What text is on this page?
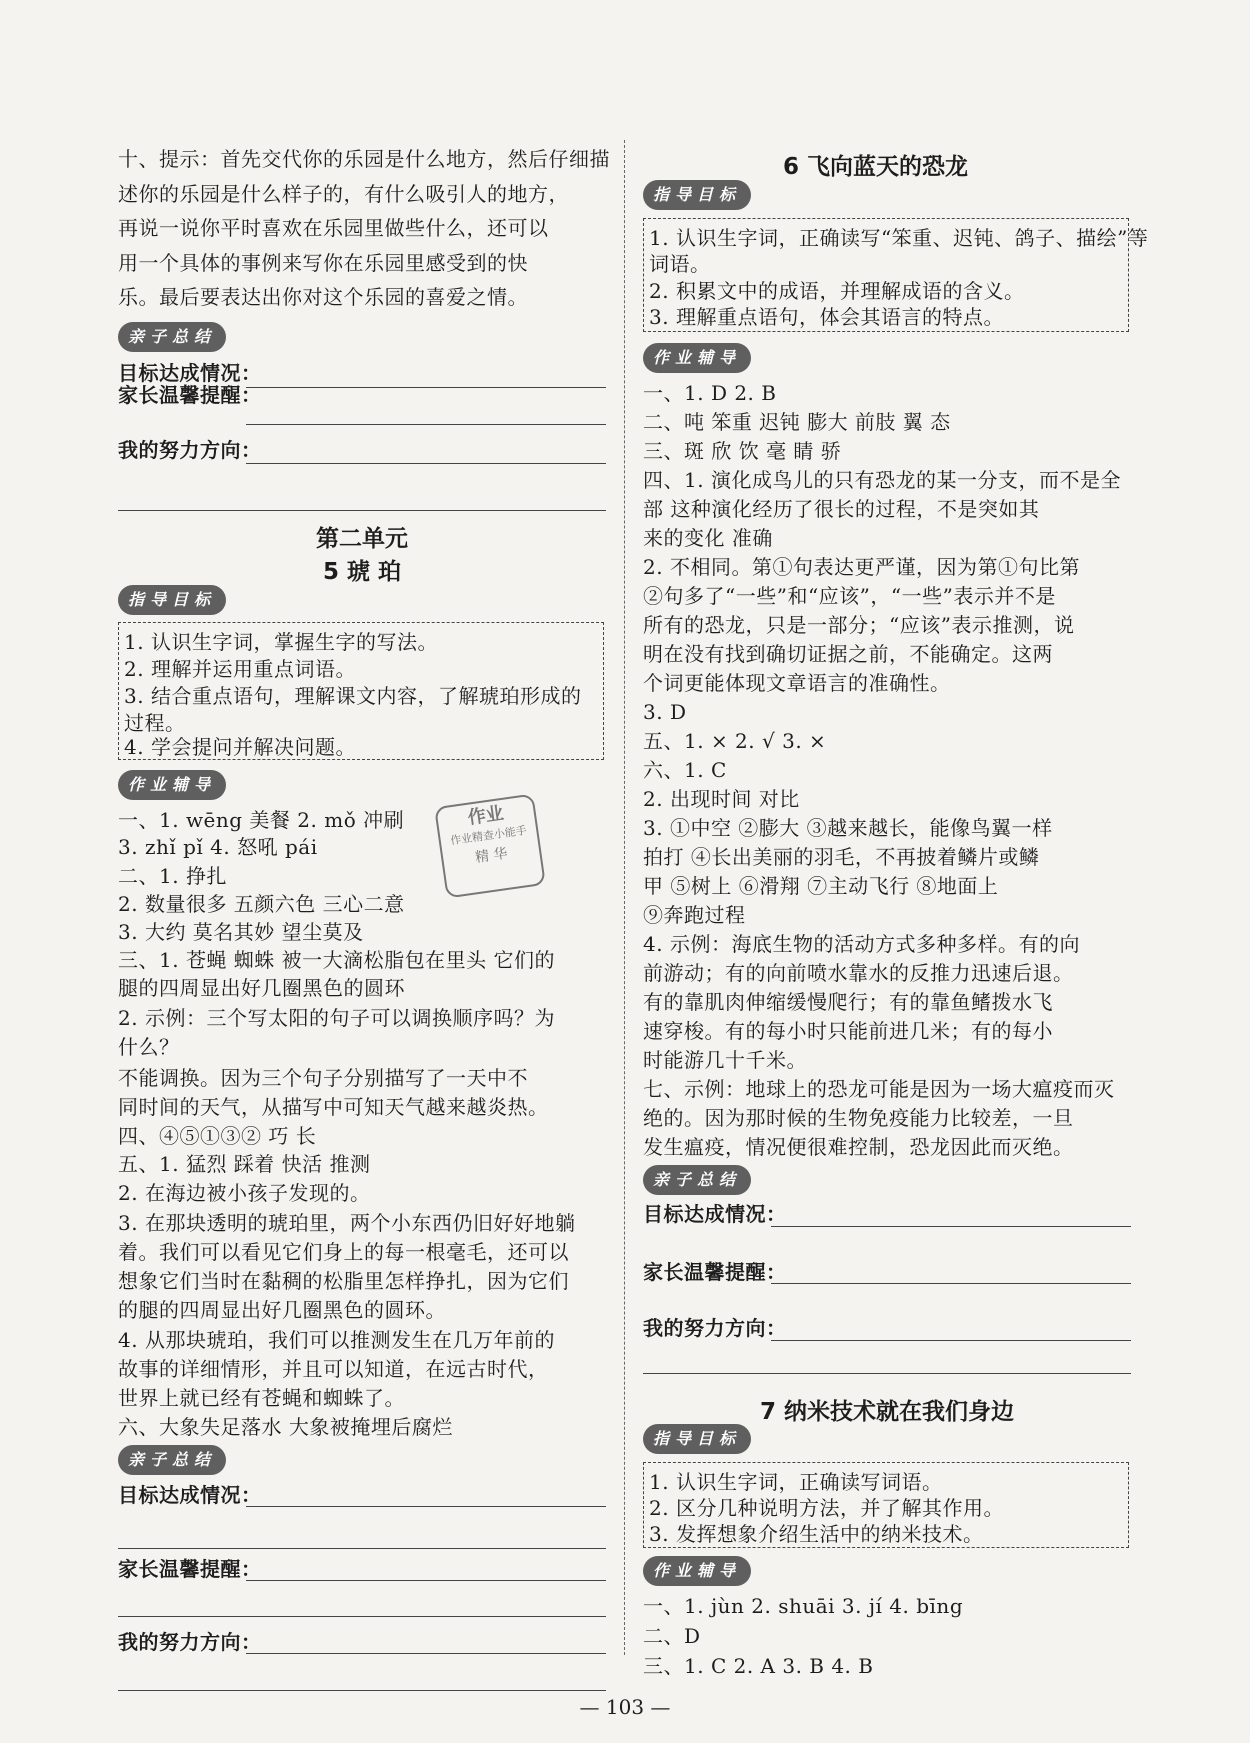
十、提示：首先交代你的乐园是什么地方，然后仔细描
述你的乐园是什么样子的，有什么吸引人的地方，
再说一说你平时喜欢在乐园里做些什么，还可以
用一个具体的事例来写你在乐园里感受到的快
乐。最后要表达出你对这个乐园的喜爱之情。
亲子总结
目标达成情况：
家长温馨提醒：
我的努力方向：
第二单元
5 琥 珀
指导目标
1. 认识生字词，掌握生字的写法。
2. 理解并运用重点词语。
3. 结合重点语句，理解课文内容，了解琥珀形成的
过程。
4. 学会提问并解决问题。
作业辅导
一、1. wēng 美餐 2. mǒ 冲刷
3. zhǐ pǐ 4. 怒吼 pái
二、1. 挣扎
2. 数量很多 五颜六色 三心二意
3. 大约 莫名其妙 望尘莫及
三、1. 苍蝇 蜘蛛 被一大滴松脂包在里头 它们的
腿的四周显出好几圈黑色的圆环
2. 示例：三个写太阳的句子可以调换顺序吗？为
什么？
不能调换。因为三个句子分别描写了一天中不
同时间的天气，从描写中可知天气越来越炎热。
四、④⑤①③② 巧 长
五、1. 猛烈 踩着 快活 推测
2. 在海边被小孩子发现的。
3. 在那块透明的琥珀里，两个小东西仍旧好好地躺
着。我们可以看见它们身上的每一根毫毛，还可以
想象它们当时在黏稠的松脂里怎样挣扎，因为它们
的腿的四周显出好几圈黑色的圆环。
4. 从那块琥珀，我们可以推测发生在几万年前的
故事的详细情形，并且可以知道，在远古时代，
世界上就已经有苍蝇和蜘蛛了。
六、大象失足落水 大象被掩埋后腐烂
亲子总结
目标达成情况：
家长温馨提醒：
我的努力方向：
6 飞向蓝天的恐龙
指导目标
1. 认识生字词，正确读写“笨重、迟钝、鸽子、描绘”等
词语。
2. 积累文中的成语，并理解成语的含义。
3. 理解重点语句，体会其语言的特点。
作业辅导
一、1. D 2. B
二、吨 笨重 迟钝 膨大 前肢 翼 态
三、斑 欣 饮 毫 睛 骄
四、1. 演化成鸟儿的只有恐龙的某一分支，而不是全
部 这种演化经历了很长的过程，不是突如其
来的变化 准确
2. 不相同。第①句表达更严谨，因为第①句比第
②句多了“一些”和“应该”，“一些”表示并不是
所有的恐龙，只是一部分；“应该”表示推测，说
明在没有找到确切证据之前，不能确定。这两
个词更能体现文章语言的准确性。
3. D
五、1. × 2. √ 3. ×
六、1. C
2. 出现时间 对比
3. ①中空 ②膨大 ③越来越长，能像鸟翼一样
拍打 ④长出美丽的羽毛，不再披着鳞片或鳞
甲 ⑤树上 ⑥滑翔 ⑦主动飞行 ⑧地面上
⑨奔跑过程
4. 示例：海底生物的活动方式多种多样。有的向
前游动；有的向前喷水靠水的反推力迅速后退。
有的靠肌肉伸缩缓慢爬行；有的靠鱼鳍拨水飞
速穿梭。有的每小时只能前进几米；有的每小
时能游几十千米。
七、示例：地球上的恐龙可能是因为一场大瘟疫而灭
绝的。因为那时候的生物免疫能力比较差，一旦
发生瘟疫，情况便很难控制，恐龙因此而灭绝。
亲子总结
目标达成情况：
家长温馨提醒：
我的努力方向：
7 纳米技术就在我们身边
指导目标
1. 认识生字词，正确读写词语。
2. 区分几种说明方法，并了解其作用。
3. 发挥想象介绍生活中的纳米技术。
作业辅导
一、1. jùn 2. shuāi 3. jí 4. bīng
二、D
三、1. C 2. A 3. B 4. B
作业
作业精查小能手
精 华
— 103 —
